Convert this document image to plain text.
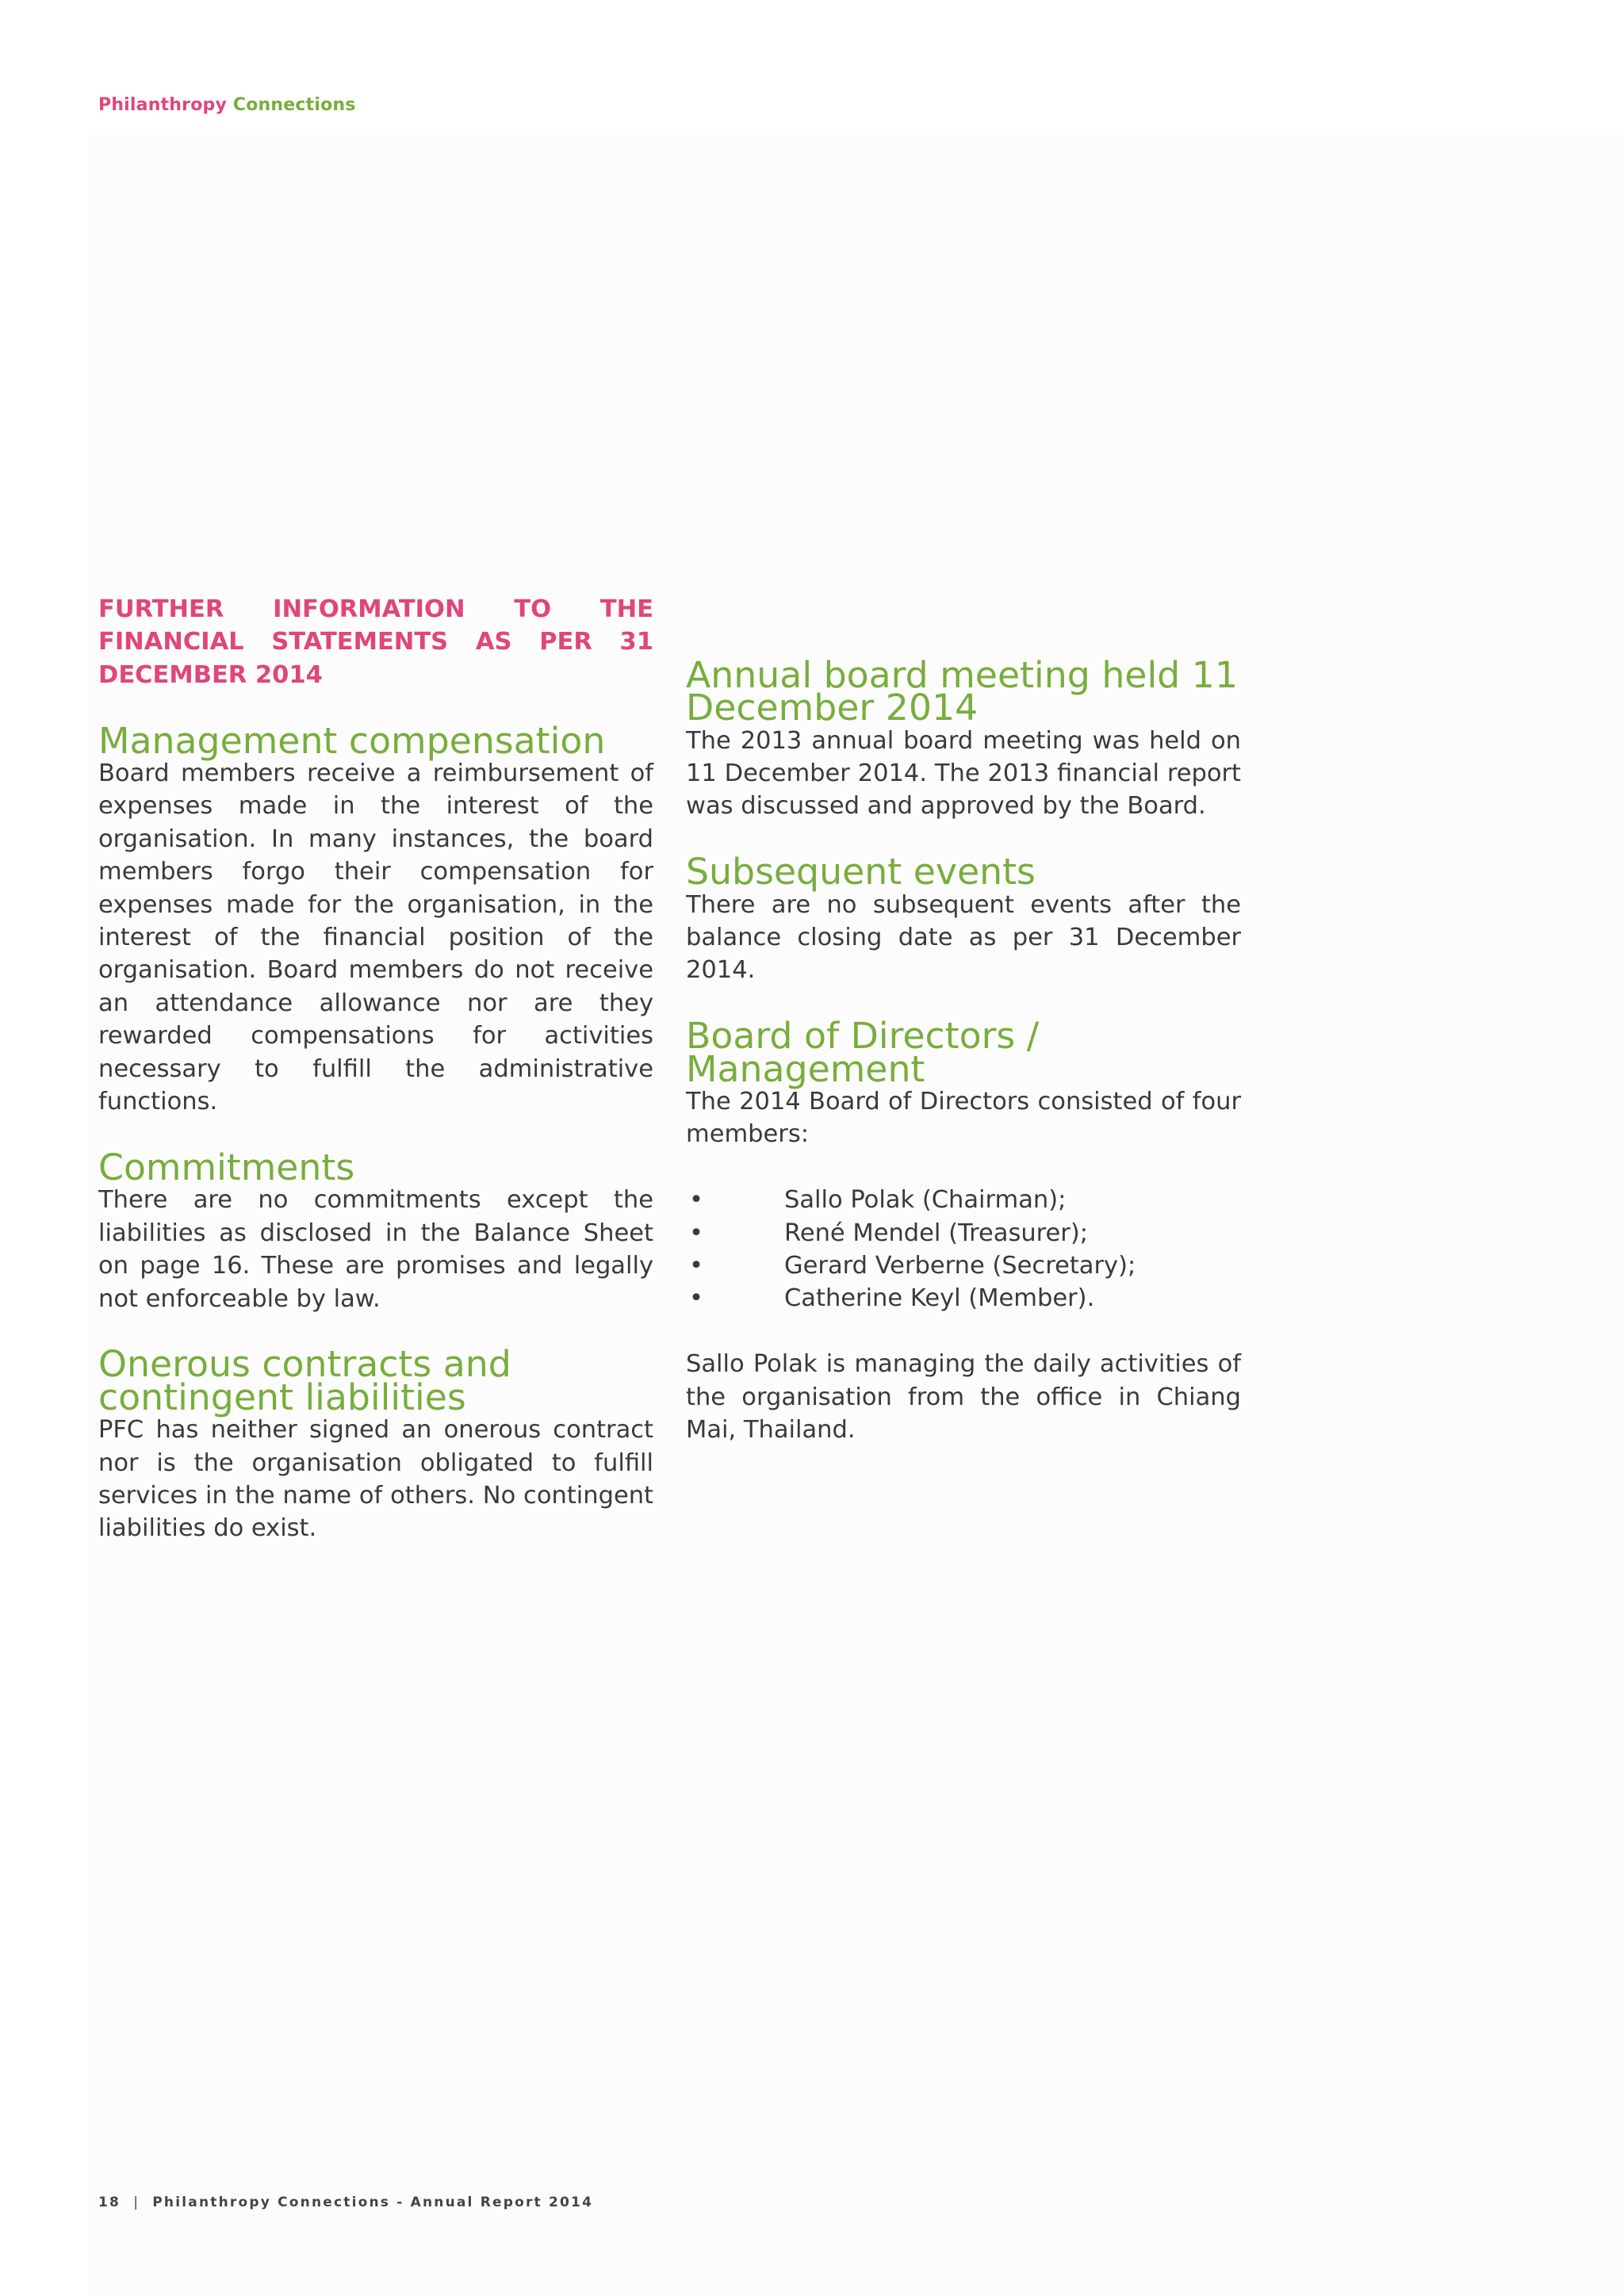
Philanthropy Connections
FURTHER INFORMATION TO THE FINANCIAL STATEMENTS AS PER 31 DECEMBER 2014
Management compensation

Board members receive a reimbursement of expenses made in the interest of the organisation. In many instances, the board members forgo their compensation for expenses made for the organisation, in the interest of the financial position of the organisation. Board members do not receive an attendance allowance nor are they rewarded compensations for activities necessary to fulfill the administrative functions.

Commitments

There are no commitments except the liabilities as disclosed in the Balance Sheet on page 16. These are promises and legally not enforceable by law.

Onerous contracts and contingent liabilities

PFC has neither signed an onerous contract nor is the organisation obligated to fulfill services in the name of others. No contingent liabilities do exist.

Annual board meeting held 11 December 2014

The 2013 annual board meeting was held on 11 December 2014. The 2013 financial report was discussed and approved by the Board.

Subsequent events

There are no subsequent events after the balance closing date as per 31 December 2014.

Board of Directors / Management

The 2014 Board of Directors consisted of four members:

•	Sallo Polak (Chairman);
•	René Mendel (Treasurer);
•	Gerard Verberne (Secretary);
•	Catherine Keyl (Member).

Sallo Polak is managing the daily activities of the organisation from the office in Chiang Mai, Thailand.

18 | Philanthropy Connections - Annual Report 2014
